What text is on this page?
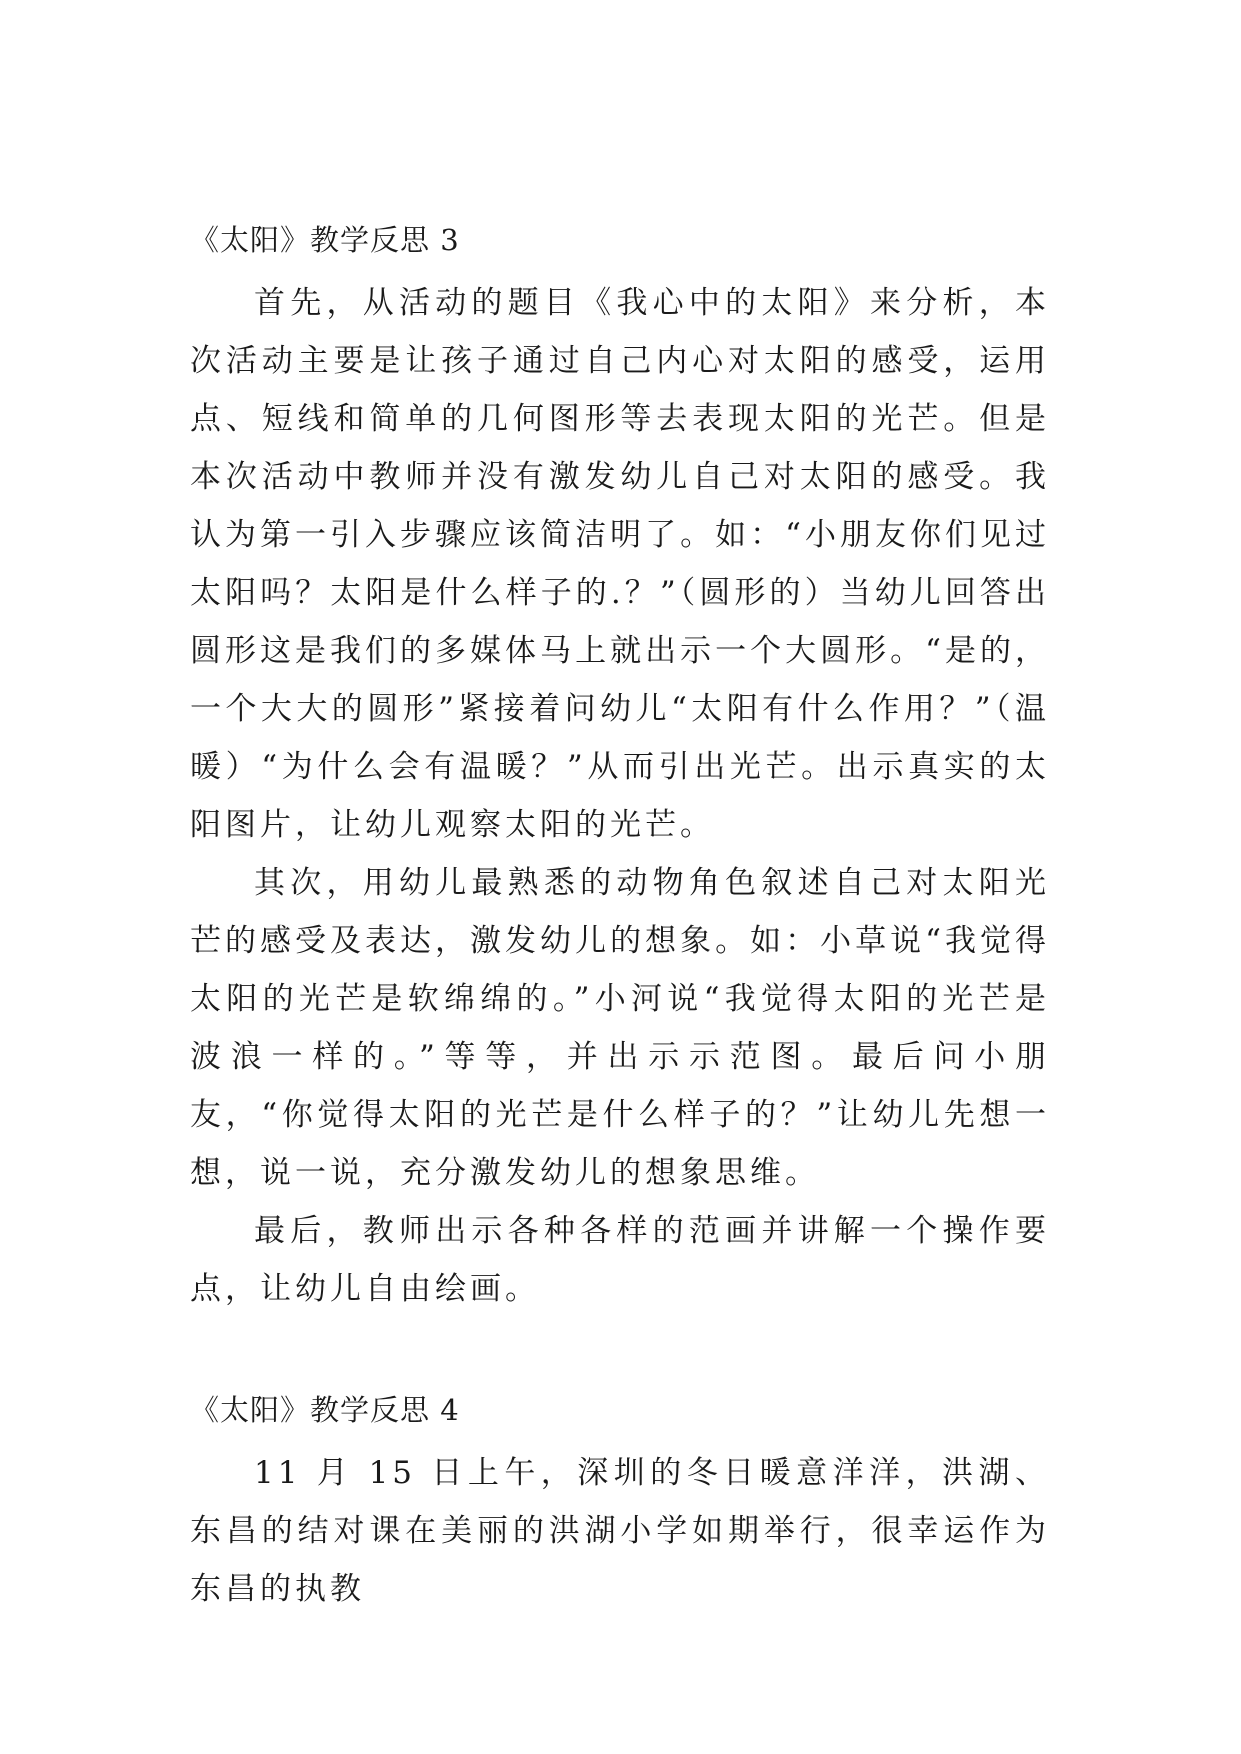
《太阳》教学反思 3

首先，从活动的题目《我心中的太阳》来分析，本次活动主要是让孩子通过自己内心对太阳的感受，运用点、短线和简单的几何图形等去表现太阳的光芒。但是本次活动中教师并没有激发幼儿自己对太阳的感受。我认为第一引入步骤应该简洁明了。如：“小朋友你们见过太阳吗？太阳是什么样子的.？”（圆形的）当幼儿回答出圆形这是我们的多媒体马上就出示一个大圆形。“是的，一个大大的圆形”紧接着问幼儿“太阳有什么作用？”（温暖）“为什么会有温暖？”从而引出光芒。出示真实的太阳图片，让幼儿观察太阳的光芒。

其次，用幼儿最熟悉的动物角色叙述自己对太阳光芒的感受及表达，激发幼儿的想象。如：小草说“我觉得太阳的光芒是软绵绵的。”小河说“我觉得太阳的光芒是波浪一样的。”等等，并出示示范图。最后问小朋友，“你觉得太阳的光芒是什么样子的？”让幼儿先想一想，说一说，充分激发幼儿的想象思维。

最后，教师出示各种各样的范画并讲解一个操作要点，让幼儿自由绘画。

《太阳》教学反思 4

11 月 15 日上午，深圳的冬日暖意洋洋，洪湖、东昌的结对课在美丽的洪湖小学如期举行，很幸运作为东昌的执教
